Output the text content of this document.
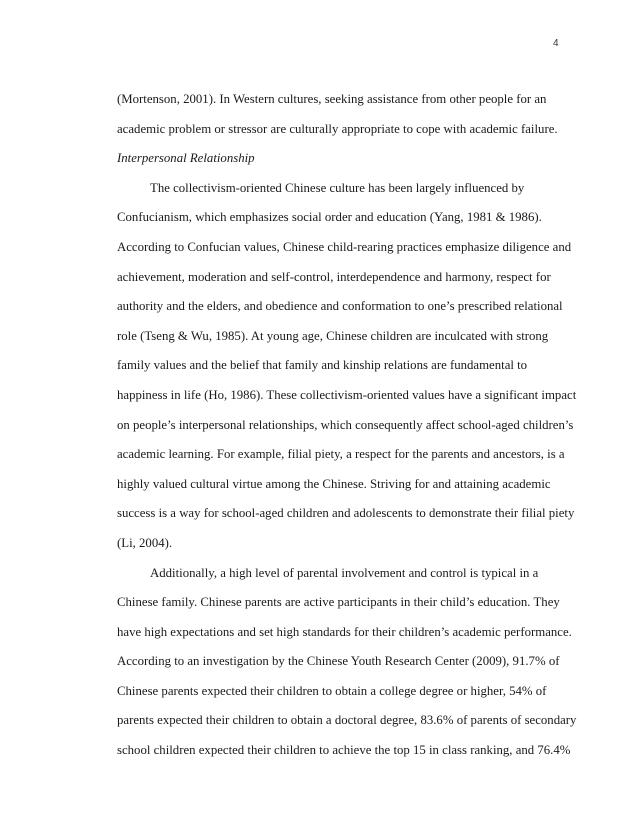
4
(Mortenson, 2001). In Western cultures, seeking assistance from other people for an
academic problem or stressor are culturally appropriate to cope with academic failure.
Interpersonal Relationship
The collectivism-oriented Chinese culture has been largely influenced by
Confucianism, which emphasizes social order and education (Yang, 1981 & 1986).
According to Confucian values, Chinese child-rearing practices emphasize diligence and
achievement, moderation and self-control, interdependence and harmony, respect for
authority and the elders, and obedience and conformation to one’s prescribed relational
role (Tseng & Wu, 1985). At young age, Chinese children are inculcated with strong
family values and the belief that family and kinship relations are fundamental to
happiness in life (Ho, 1986). These collectivism-oriented values have a significant impact
on people’s interpersonal relationships, which consequently affect school-aged children’s
academic learning. For example, filial piety, a respect for the parents and ancestors, is a
highly valued cultural virtue among the Chinese. Striving for and attaining academic
success is a way for school-aged children and adolescents to demonstrate their filial piety
(Li, 2004).
Additionally, a high level of parental involvement and control is typical in a
Chinese family. Chinese parents are active participants in their child’s education. They
have high expectations and set high standards for their children’s academic performance.
According to an investigation by the Chinese Youth Research Center (2009), 91.7% of
Chinese parents expected their children to obtain a college degree or higher, 54% of
parents expected their children to obtain a doctoral degree, 83.6% of parents of secondary
school children expected their children to achieve the top 15 in class ranking, and 76.4%
